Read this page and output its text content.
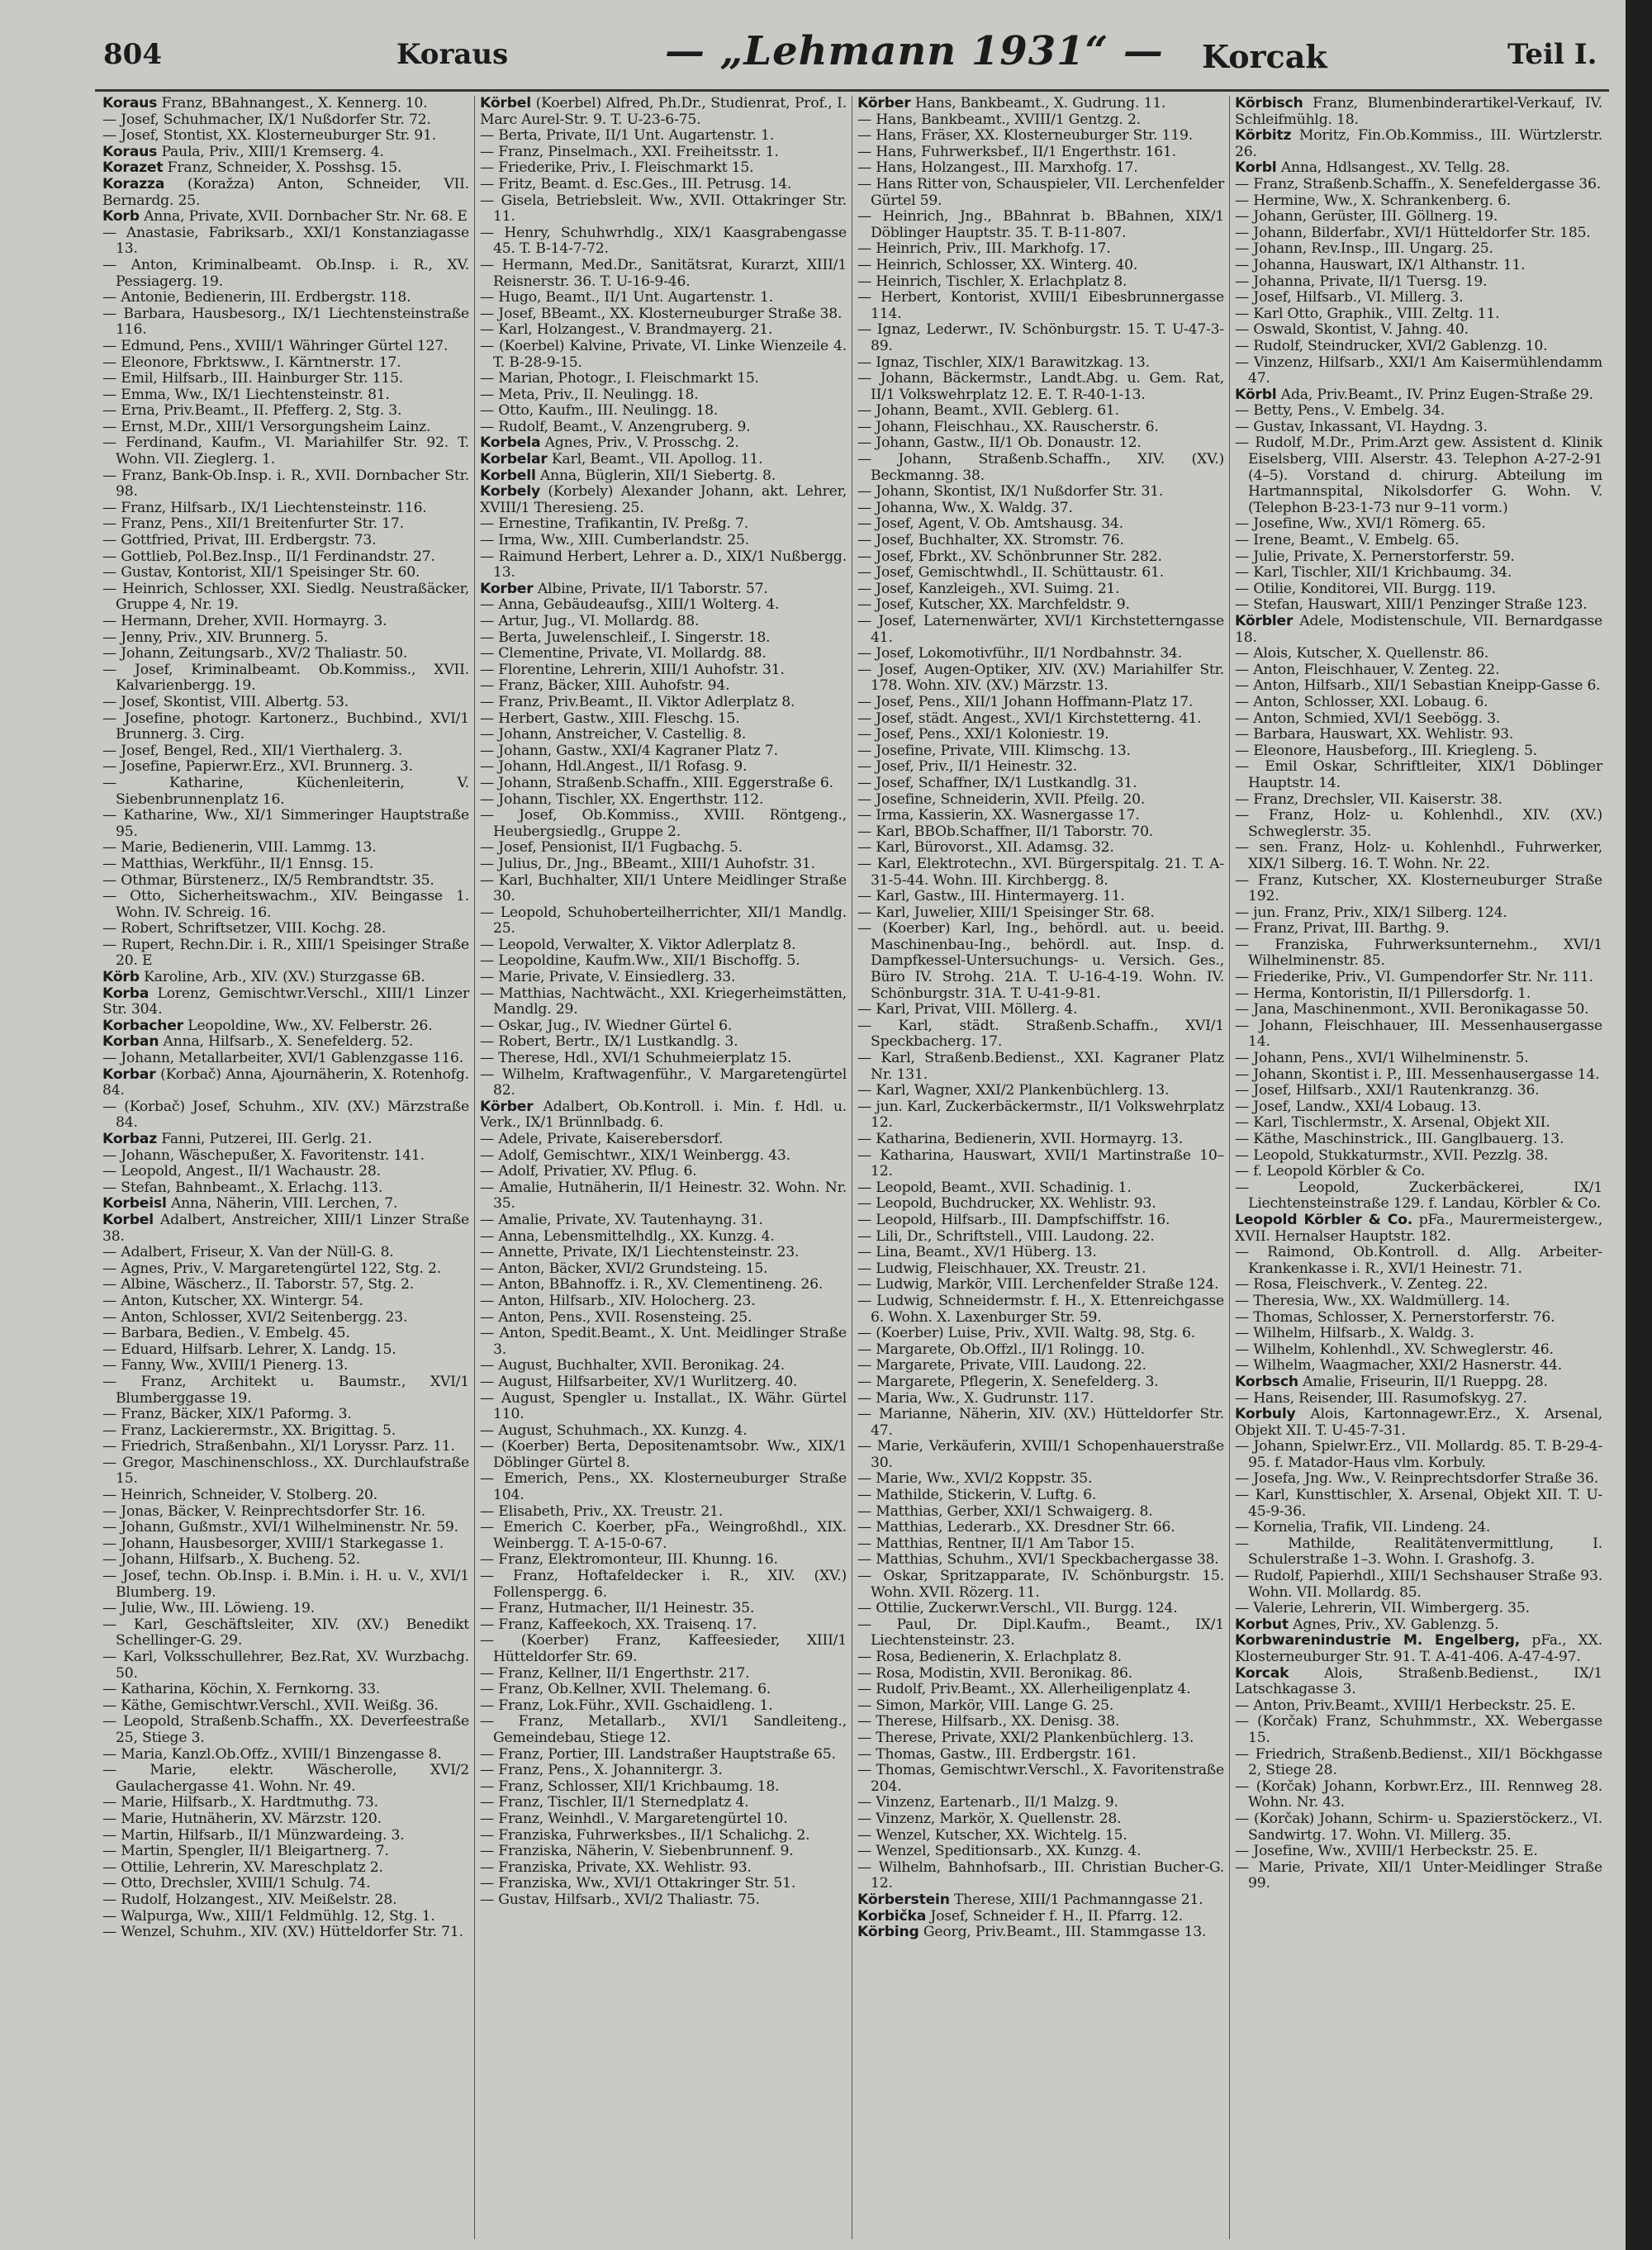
804	Koraus	— „Lehmann 1931“ — Korcak	Teil I.

Koraus Franz, BBahnangest., X. Kennerg. 10.

— Josef, Schuhmacher, IX/1 Nußdorfer Str. 72.

— Josef, Stontist, XX. Klosterneuburger Str. 91.

Koraus Paula, Priv., XIII/1 Kremserg. 4.

Korazet Franz, Schneider, X. Posshsg. 15.

Korazza (Koražza) Anton, Schneider, VII. Bernardg. 25.

Korb Anna, Private, XVII. Dornbacher Str. Nr. 68. E

— Anastasie, Fabriksarb., XXI/1 Konstanziagasse 13.

— Anton, Kriminalbeamt. Ob.Insp. i. R., XV. Pessiagerg. 19.

— Antonie, Bedienerin, III. Erdbergstr. 118.

— Barbara, Hausbesorg., IX/1 Liechtensteinstraße 116.

— Edmund, Pens., XVIII/1 Währinger Gürtel 127.

— Eleonore, Fbrktsww., I. Kärntnerstr. 17.

— Emil, Hilfsarb., III. Hainburger Str. 115.

— Emma, Ww., IX/1 Liechtensteinstr. 81.

— Erna, Priv.Beamt., II. Pfefferg. 2, Stg. 3.

— Ernst, M.Dr., XIII/1 Versorgungsheim Lainz.

— Ferdinand, Kaufm., VI. Mariahilfer Str. 92. T. Wohn. VII. Zieglerg. 1.

— Franz, Bank-Ob.Insp. i. R., XVII. Dornbacher Str. 98.

— Franz, Hilfsarb., IX/1 Liechtensteinstr. 116.

— Franz, Pens., XII/1 Breitenfurter Str. 17.

— Gottfried, Privat, III. Erdbergstr. 73.

— Gottlieb, Pol.Bez.Insp., II/1 Ferdinandstr. 27.

— Gustav, Kontorist, XII/1 Speisinger Str. 60.

— Heinrich, Schlosser, XXI. Siedlg. Neustraßäcker, Gruppe 4, Nr. 19.

— Hermann, Dreher, XVII. Hormayrg. 3.

— Jenny, Priv., XIV. Brunnerg. 5.

— Johann, Zeitungsarb., XV/2 Thaliastr. 50.

— Josef, Kriminalbeamt. Ob.Kommiss., XVII. Kalvarienbergg. 19.

— Josef, Skontist, VIII. Albertg. 53.

— Josefine, photogr. Kartonerz., Buchbind., XVI/1 Brunnerg. 3. Cirg.

— Josef, Bengel, Red., XII/1 Vierthalerg. 3.

— Josefine, Papierwr.Erz., XVI. Brunnerg. 3.

— Katharine, Küchenleiterin, V. Siebenbrunnenplatz 16.

— Katharine, Ww., XI/1 Simmeringer Hauptstraße 95.

— Marie, Bedienerin, VIII. Lammg. 13.

— Matthias, Werkführ., II/1 Ennsg. 15.

— Othmar, Bürstenerz., IX/5 Rembrandtstr. 35.

— Otto, Sicherheitswachm., XIV. Beingasse 1. Wohn. IV. Schreig. 16.

— Robert, Schriftsetzer, VIII. Kochg. 28.

— Rupert, Rechn.Dir. i. R., XIII/1 Speisinger Straße 20. E

Körb Karoline, Arb., XIV. (XV.) Sturzgasse 6B.

Korba Lorenz, Gemischtwr.Verschl., XIII/1 Linzer Str. 304.

Korbacher Leopoldine, Ww., XV. Felberstr. 26.

Korban Anna, Hilfsarb., X. Senefelderg. 52.

— Johann, Metallarbeiter, XVI/1 Gablenzgasse 116.

Korbar (Korbač) Anna, Ajournäherin, X. Rotenhofg. 84.

— (Korbač) Josef, Schuhm., XIV. (XV.) Märzstraße 84.

Korbaz Fanni, Putzerei, III. Gerlg. 21.

— Johann, Wäschepußer, X. Favoritenstr. 141.

— Leopold, Angest., II/1 Wachaustr. 28.

— Stefan, Bahnbeamt., X. Erlachg. 113.

Korbeisl Anna, Näherin, VIII. Lerchen, 7.

Korbel Adalbert, Anstreicher, XIII/1 Linzer Straße 38.

— Adalbert, Friseur, X. Van der Nüll-G. 8.

— Agnes, Priv., V. Margaretengürtel 122, Stg. 2.

— Albine, Wäscherz., II. Taborstr. 57, Stg. 2.

— Anton, Kutscher, XX. Wintergr. 54.

— Anton, Schlosser, XVI/2 Seitenbergg. 23.

— Barbara, Bedien., V. Embelg. 45.

— Eduard, Hilfsarb. Lehrer, X. Landg. 15.

— Fanny, Ww., XVIII/1 Pienerg. 13.

— Franz, Architekt u. Baumstr., XVI/1 Blumberggasse 19.

— Franz, Bäcker, XIX/1 Paformg. 3.

— Franz, Lackierermstr., XX. Brigittag. 5.

— Friedrich, Straßenbahn., XI/1 Loryssr. Parz. 11.

— Gregor, Maschinenschloss., XX. Durchlaufstraße 15.

— Heinrich, Schneider, V. Stolberg. 20.

— Jonas, Bäcker, V. Reinprechtsdorfer Str. 16.

— Johann, Gußmstr., XVI/1 Wilhelminenstr. Nr. 59.

— Johann, Hausbesorger, XVIII/1 Starkegasse 1.

— Johann, Hilfsarb., X. Bucheng. 52.

— Josef, techn. Ob.Insp. i. B.Min. i. H. u. V., XVI/1 Blumberg. 19.

— Julie, Ww., III. Löwieng. 19.

— Karl, Geschäftsleiter, XIV. (XV.) Benedikt Schellinger-G. 29.

— Karl, Volksschullehrer, Bez.Rat, XV. Wurzbachg. 50.

— Katharina, Köchin, X. Fernkorng. 33.

— Käthe, Gemischtwr.Verschl., XVII. Weißg. 36.

— Leopold, Straßenb.Schaffn., XX. Deverfeestraße 25, Stiege 3.

— Maria, Kanzl.Ob.Offz., XVIII/1 Binzengasse 8.

— Marie, elektr. Wäscherolle, XVI/2 Gaulachergasse 41. Wohn. Nr. 49.

— Marie, Hilfsarb., X. Hardtmuthg. 73.

— Marie, Hutnäherin, XV. Märzstr. 120.

— Martin, Hilfsarb., II/1 Münzwardeing. 3.

— Martin, Spengler, II/1 Bleigartnerg. 7.

— Ottilie, Lehrerin, XV. Mareschplatz 2.

— Otto, Drechsler, XVIII/1 Schulg. 74.

— Rudolf, Holzangest., XIV. Meißelstr. 28.

— Walpurga, Ww., XIII/1 Feldmühlg. 12, Stg. 1.

— Wenzel, Schuhm., XIV. (XV.) Hütteldorfer Str. 71.

Körbel (Koerbel) Alfred, Ph.Dr., Studienrat, Prof., I. Marc Aurel-Str. 9. T. U-23-6-75.

— Berta, Private, II/1 Unt. Augartenstr. 1.

— Franz, Pinselmach., XXI. Freiheitsstr. 1.

— Friederike, Priv., I. Fleischmarkt 15.

— Fritz, Beamt. d. Esc.Ges., III. Petrusg. 14.

— Gisela, Betriebsleit. Ww., XVII. Ottakringer Str. 11.

— Henry, Schuhwrhdlg., XIX/1 Kaasgrabengasse 45. T. B-14-7-72.

— Hermann, Med.Dr., Sanitätsrat, Kurarzt, XIII/1 Reisnerstr. 36. T. U-16-9-46.

— Hugo, Beamt., II/1 Unt. Augartenstr. 1.

— Josef, BBeamt., XX. Klosterneuburger Straße 38.

— Karl, Holzangest., V. Brandmayerg. 21.

— (Koerbel) Kalvine, Private, VI. Linke Wienzeile 4. T. B-28-9-15.

— Marian, Photogr., I. Fleischmarkt 15.

— Meta, Priv., II. Neulingg. 18.

— Otto, Kaufm., III. Neulingg. 18.

— Rudolf, Beamt., V. Anzengruberg. 9.

Korbela Agnes, Priv., V. Prosschg. 2.

Korbelar Karl, Beamt., VII. Apollog. 11.

Korbell Anna, Büglerin, XII/1 Siebertg. 8.

Korbely (Korbely) Alexander Johann, akt. Lehrer, XVIII/1 Theresieng. 25.

— Ernestine, Trafikantin, IV. Preßg. 7.

— Irma, Ww., XIII. Cumberlandstr. 25.

— Raimund Herbert, Lehrer a. D., XIX/1 Nußbergg. 13.

Korber Albine, Private, II/1 Taborstr. 57.

— Anna, Gebäudeaufsg., XIII/1 Wolterg. 4.

— Artur, Jug., VI. Mollardg. 88.

— Berta, Juwelenschleif., I. Singerstr. 18.

— Clementine, Private, VI. Mollardg. 88.

— Florentine, Lehrerin, XIII/1 Auhofstr. 31.

— Franz, Bäcker, XIII. Auhofstr. 94.

— Franz, Priv.Beamt., II. Viktor Adlerplatz 8.

— Herbert, Gastw., XIII. Fleschg. 15.

— Johann, Anstreicher, V. Castellig. 8.

— Johann, Gastw., XXI/4 Kagraner Platz 7.

— Johann, Hdl.Angest., II/1 Rofasg. 9.

— Johann, Straßenb.Schaffn., XIII. Eggerstraße 6.

— Johann, Tischler, XX. Engerthstr. 112.

— Josef, Ob.Kommiss., XVIII. Röntgeng., Heubergsiedlg., Gruppe 2.

— Josef, Pensionist, II/1 Fugbachg. 5.

— Julius, Dr., Jng., BBeamt., XIII/1 Auhofstr. 31.

— Karl, Buchhalter, XII/1 Untere Meidlinger Straße 30.

— Leopold, Schuhoberteilherrichter, XII/1 Mandlg. 25.

— Leopold, Verwalter, X. Viktor Adlerplatz 8.

— Leopoldine, Kaufm.Ww., XII/1 Bischoffg. 5.

— Marie, Private, V. Einsiedlerg. 33.

— Matthias, Nachtwächt., XXI. Kriegerheimstätten, Mandlg. 29.

— Oskar, Jug., IV. Wiedner Gürtel 6.

— Robert, Bertr., IX/1 Lustkandlg. 3.

— Therese, Hdl., XVI/1 Schuhmeierplatz 15.

— Wilhelm, Kraftwagenführ., V. Margaretengürtel 82.

Körber Adalbert, Ob.Kontroll. i. Min. f. Hdl. u. Verk., IX/1 Brünnlbadg. 6.

— Adele, Private, Kaiserebersdorf.

— Adolf, Gemischtwr., XIX/1 Weinbergg. 43.

— Adolf, Privatier, XV. Pflug. 6.

— Amalie, Hutnäherin, II/1 Heinestr. 32. Wohn. Nr. 35.

— Amalie, Private, XV. Tautenhayng. 31.

— Anna, Lebensmittelhdlg., XX. Kunzg. 4.

— Annette, Private, IX/1 Liechtensteinstr. 23.

— Anton, Bäcker, XVI/2 Grundsteing. 15.

— Anton, BBahnoffz. i. R., XV. Clementineng. 26.

— Anton, Hilfsarb., XIV. Holocherg. 23.

— Anton, Pens., XVII. Rosensteing. 25.

— Anton, Spedit.Beamt., X. Unt. Meidlinger Straße 3.

— August, Buchhalter, XVII. Beronikag. 24.

— August, Hilfsarbeiter, XV/1 Wurlitzerg. 40.

— August, Spengler u. Installat., IX. Währ. Gürtel 110.

— August, Schuhmach., XX. Kunzg. 4.

— (Koerber) Berta, Depositenamtsobr. Ww., XIX/1 Döblinger Gürtel 8.

— Emerich, Pens., XX. Klosterneuburger Straße 104.

— Elisabeth, Priv., XX. Treustr. 21.

— Emerich C. Koerber, pFa., Weingroßhdl., XIX. Weinbergg. T. A-15-0-67.

— Franz, Elektromonteur, III. Khunng. 16.

— Franz, Hoftafeldecker i. R., XIV. (XV.) Follenspergg. 6.

— Franz, Hutmacher, II/1 Heinestr. 35.

— Franz, Kaffeekoch, XX. Traisenq. 17.

— (Koerber) Franz, Kaffeesieder, XIII/1 Hütteldorfer Str. 69.

— Franz, Kellner, II/1 Engerthstr. 217.

— Franz, Ob.Kellner, XVII. Thelemang. 6.

— Franz, Lok.Führ., XVII. Gschaidleng. 1.

— Franz, Metallarb., XVI/1 Sandleiteng., Gemeindebau, Stiege 12.

— Franz, Portier, III. Landstraßer Hauptstraße 65.

— Franz, Pens., X. Johannitergr. 3.

— Franz, Schlosser, XII/1 Krichbaumg. 18.

— Franz, Tischler, II/1 Sternedplatz 4.

— Franz, Weinhdl., V. Margaretengürtel 10.

— Franziska, Fuhrwerksbes., II/1 Schalichg. 2.

— Franziska, Näherin, V. Siebenbrunnenf. 9.

— Franziska, Private, XX. Wehlistr. 93.

— Franziska, Ww., XVI/1 Ottakringer Str. 51.

— Gustav, Hilfsarb., XVI/2 Thaliastr. 75.

Körber Hans, Bankbeamt., X. Gudrung. 11.

— Hans, Bankbeamt., XVIII/1 Gentzg. 2.

— Hans, Fräser, XX. Klosterneuburger Str. 119.

— Hans, Fuhrwerksbef., II/1 Engerthstr. 161.

— Hans, Holzangest., III. Marxhofg. 17.

— Hans Ritter von, Schauspieler, VII. Lerchenfelder Gürtel 59.

— Heinrich, Jng., BBahnrat b. BBahnen, XIX/1 Döblinger Hauptstr. 35. T. B-11-807.

— Heinrich, Priv., III. Markhofg. 17.

— Heinrich, Schlosser, XX. Winterg. 40.

— Heinrich, Tischler, X. Erlachplatz 8.

— Herbert, Kontorist, XVIII/1 Eibesbrunnergasse 114.

— Ignaz, Lederwr., IV. Schönburgstr. 15. T. U-47-3-89.

— Ignaz, Tischler, XIX/1 Barawitzkag. 13.

— Johann, Bäckermstr., Landt.Abg. u. Gem. Rat, II/1 Volkswehrplatz 12. E. T. R-40-1-13.

— Johann, Beamt., XVII. Geblerg. 61.

— Johann, Fleischhau., XX. Rauscherstr. 6.

— Johann, Gastw., II/1 Ob. Donaustr. 12.

— Johann, Straßenb.Schaffn., XIV. (XV.) Beckmanng. 38.

— Johann, Skontist, IX/1 Nußdorfer Str. 31.

— Johanna, Ww., X. Waldg. 37.

— Josef, Agent, V. Ob. Amtshausg. 34.

— Josef, Buchhalter, XX. Stromstr. 76.

— Josef, Fbrkt., XV. Schönbrunner Str. 282.

— Josef, Gemischtwhdl., II. Schüttaustr. 61.

— Josef, Kanzleigeh., XVI. Suimg. 21.

— Josef, Kutscher, XX. Marchfeldstr. 9.

— Josef, Laternenwärter, XVI/1 Kirchstetterngasse 41.

— Josef, Lokomotivführ., II/1 Nordbahnstr. 34.

— Josef, Augen-Optiker, XIV. (XV.) Mariahilfer Str. 178. Wohn. XIV. (XV.) Märzstr. 13.

— Josef, Pens., XII/1 Johann Hoffmann-Platz 17.

— Josef, städt. Angest., XVI/1 Kirchstetterng. 41.

— Josef, Pens., XXI/1 Koloniestr. 19.

— Josefine, Private, VIII. Klimschg. 13.

— Josef, Priv., II/1 Heinestr. 32.

— Josef, Schaffner, IX/1 Lustkandlg. 31.

— Josefine, Schneiderin, XVII. Pfeilg. 20.

— Irma, Kassierin, XX. Wasnergasse 17.

— Karl, BBOb.Schaffner, II/1 Taborstr. 70.

— Karl, Bürovorst., XII. Adamsg. 32.

— Karl, Elektrotechn., XVI. Bürgerspitalg. 21. T. A-31-5-44. Wohn. III. Kirchbergg. 8.

— Karl, Gastw., III. Hintermayerg. 11.

— Karl, Juwelier, XIII/1 Speisinger Str. 68.

— (Koerber) Karl, Ing., behördl. aut. u. beeid. Maschinenbau-Ing., behördl. aut. Insp. d. Dampfkessel-Untersuchungs- u. Versich. Ges., Büro IV. Strohg. 21A. T. U-16-4-19. Wohn. IV. Schönburgstr. 31A. T. U-41-9-81.

— Karl, Privat, VIII. Möllerg. 4.

— Karl, städt. Straßenb.Schaffn., XVI/1 Speckbacherg. 17.

— Karl, Straßenb.Bedienst., XXI. Kagraner Platz Nr. 131.

— Karl, Wagner, XXI/2 Plankenbüchlerg. 13.

— jun. Karl, Zuckerbäckermstr., II/1 Volkswehrplatz 12.

— Katharina, Bedienerin, XVII. Hormayrg. 13.

— Katharina, Hauswart, XVII/1 Martinstraße 10–12.

— Leopold, Beamt., XVII. Schadinig. 1.

— Leopold, Buchdrucker, XX. Wehlistr. 93.

— Leopold, Hilfsarb., III. Dampfschiffstr. 16.

— Lili, Dr., Schriftstell., VIII. Laudong. 22.

— Lina, Beamt., XV/1 Hüberg. 13.

— Ludwig, Fleischhauer, XX. Treustr. 21.

— Ludwig, Markör, VIII. Lerchenfelder Straße 124.

— Ludwig, Schneidermstr. f. H., X. Ettenreichgasse 6. Wohn. X. Laxenburger Str. 59.

— (Koerber) Luise, Priv., XVII. Waltg. 98, Stg. 6.

— Margarete, Ob.Offzl., II/1 Rolingg. 10.

— Margarete, Private, VIII. Laudong. 22.

— Margarete, Pflegerin, X. Senefelderg. 3.

— Maria, Ww., X. Gudrunstr. 117.

— Marianne, Näherin, XIV. (XV.) Hütteldorfer Str. 47.

— Marie, Verkäuferin, XVIII/1 Schopenhauerstraße 30.

— Marie, Ww., XVI/2 Koppstr. 35.

— Mathilde, Stickerin, V. Luftg. 6.

— Matthias, Gerber, XXI/1 Schwaigerg. 8.

— Matthias, Lederarb., XX. Dresdner Str. 66.

— Matthias, Rentner, II/1 Am Tabor 15.

— Matthias, Schuhm., XVI/1 Speckbachergasse 38.

— Oskar, Spritzapparate, IV. Schönburgstr. 15. Wohn. XVII. Rözerg. 11.

— Ottilie, Zuckerwr.Verschl., VII. Burgg. 124.

— Paul, Dr. Dipl.Kaufm., Beamt., IX/1 Liechtensteinstr. 23.

— Rosa, Bedienerin, X. Erlachplatz 8.

— Rosa, Modistin, XVII. Beronikag. 86.

— Rudolf, Priv.Beamt., XX. Allerheiligenplatz 4.

— Simon, Markör, VIII. Lange G. 25.

— Therese, Hilfsarb., XX. Denisg. 38.

— Therese, Private, XXI/2 Plankenbüchlerg. 13.

— Thomas, Gastw., III. Erdbergstr. 161.

— Thomas, Gemischtwr.Verschl., X. Favoritenstraße 204.

— Vinzenz, Eartenarb., II/1 Malzg. 9.

— Vinzenz, Markör, X. Quellenstr. 28.

— Wenzel, Kutscher, XX. Wichtelg. 15.

— Wenzel, Speditionsarb., XX. Kunzg. 4.

— Wilhelm, Bahnhofsarb., III. Christian Bucher-G. 12.

Körberstein Therese, XIII/1 Pachmanngasse 21.

Korbička Josef, Schneider f. H., II. Pfarrg. 12.

Körbing Georg, Priv.Beamt., III. Stammgasse 13.

Körbisch Franz, Blumenbinderartikel-Verkauf, IV. Schleifmühlg. 18.

Körbitz Moritz, Fin.Ob.Kommiss., III. Würtzlerstr. 26.

Korbl Anna, Hdlsangest., XV. Tellg. 28.

— Franz, Straßenb.Schaffn., X. Senefeldergasse 36.

— Hermine, Ww., X. Schrankenberg. 6.

— Johann, Gerüster, III. Göllnerg. 19.

— Johann, Bilderfabr., XVI/1 Hütteldorfer Str. 185.

— Johann, Rev.Insp., III. Ungarg. 25.

— Johanna, Hauswart, IX/1 Althanstr. 11.

— Johanna, Private, II/1 Tuersg. 19.

— Josef, Hilfsarb., VI. Millerg. 3.

— Karl Otto, Graphik., VIII. Zeltg. 11.

— Oswald, Skontist, V. Jahng. 40.

— Rudolf, Steindrucker, XVI/2 Gablenzg. 10.

— Vinzenz, Hilfsarb., XXI/1 Am Kaisermühlendamm 47.

Körbl Ada, Priv.Beamt., IV. Prinz Eugen-Straße 29.

— Betty, Pens., V. Embelg. 34.

— Gustav, Inkassant, VI. Haydng. 3.

— Rudolf, M.Dr., Prim.Arzt gew. Assistent d. Klinik Eiselsberg, VIII. Alserstr. 43. Telephon A-27-2-91 (4–5). Vorstand d. chirurg. Abteilung im Hartmannspital, Nikolsdorfer G. Wohn. V. (Telephon B-23-1-73 nur 9–11 vorm.)

— Josefine, Ww., XVI/1 Römerg. 65.

— Irene, Beamt., V. Embelg. 65.

— Julie, Private, X. Pernerstorferstr. 59.

— Karl, Tischler, XII/1 Krichbaumg. 34.

— Otilie, Konditorei, VII. Burgg. 119.

— Stefan, Hauswart, XIII/1 Penzinger Straße 123.

Körbler Adele, Modistenschule, VII. Bernardgasse 18.

— Alois, Kutscher, X. Quellenstr. 86.

— Anton, Fleischhauer, V. Zenteg. 22.

— Anton, Hilfsarb., XII/1 Sebastian Kneipp-Gasse 6.

— Anton, Schlosser, XXI. Lobaug. 6.

— Anton, Schmied, XVI/1 Seebögg. 3.

— Barbara, Hauswart, XX. Wehlistr. 93.

— Eleonore, Hausbeforg., III. Kriegleng. 5.

— Emil Oskar, Schriftleiter, XIX/1 Döblinger Hauptstr. 14.

— Franz, Drechsler, VII. Kaiserstr. 38.

— Franz, Holz- u. Kohlenhdl., XIV. (XV.) Schweglerstr. 35.

— sen. Franz, Holz- u. Kohlenhdl., Fuhrwerker, XIX/1 Silberg. 16. T. Wohn. Nr. 22.

— Franz, Kutscher, XX. Klosterneuburger Straße 192.

— jun. Franz, Priv., XIX/1 Silberg. 124.

— Franz, Privat, III. Barthg. 9.

— Franziska, Fuhrwerksunternehm., XVI/1 Wilhelminenstr. 85.

— Friederike, Priv., VI. Gumpendorfer Str. Nr. 111.

— Herma, Kontoristin, II/1 Pillersdorfg. 1.

— Jana, Maschinenmont., XVII. Beronikagasse 50.

— Johann, Fleischhauer, III. Messenhausergasse 14.

— Johann, Pens., XVI/1 Wilhelminenstr. 5.

— Johann, Skontist i. P., III. Messenhausergasse 14.

— Josef, Hilfsarb., XXI/1 Rautenkranzg. 36.

— Josef, Landw., XXI/4 Lobaug. 13.

— Karl, Tischlermstr., X. Arsenal, Objekt XII.

— Käthe, Maschinstrick., III. Ganglbauerg. 13.

— Leopold, Stukkaturmstr., XVII. Pezzlg. 38.

— f. Leopold Körbler & Co.

— Leopold, Zuckerbäckerei, IX/1 Liechtensteinstraße 129. f. Landau, Körbler & Co.

Leopold Körbler & Co. pFa., Maurermeistergew., XVII. Hernalser Hauptstr. 182.

— Raimond, Ob.Kontroll. d. Allg. Arbeiter-Krankenkasse i. R., XVI/1 Heinestr. 71.

— Rosa, Fleischverk., V. Zenteg. 22.

— Theresia, Ww., XX. Waldmüllerg. 14.

— Thomas, Schlosser, X. Pernerstorferstr. 76.

— Wilhelm, Hilfsarb., X. Waldg. 3.

— Wilhelm, Kohlenhdl., XV. Schweglerstr. 46.

— Wilhelm, Waagmacher, XXI/2 Hasnerstr. 44.

Korbsch Amalie, Friseurin, II/1 Rueppg. 28.

— Hans, Reisender, III. Rasumofskyg. 27.

Korbuly Alois, Kartonnagewr.Erz., X. Arsenal, Objekt XII. T. U-45-7-31.

— Johann, Spielwr.Erz., VII. Mollardg. 85. T. B-29-4-95. f. Matador-Haus vlm. Korbuly.

— Josefa, Jng. Ww., V. Reinprechtsdorfer Straße 36.

— Karl, Kunsttischler, X. Arsenal, Objekt XII. T. U-45-9-36.

— Kornelia, Trafik, VII. Lindeng. 24.

— Mathilde, Realitätenvermittlung, I. Schulerstraße 1–3. Wohn. I. Grashofg. 3.

— Rudolf, Papierhdl., XIII/1 Sechshauser Straße 93. Wohn. VII. Mollardg. 85.

— Valerie, Lehrerin, VII. Wimbergerg. 35.

Korbut Agnes, Priv., XV. Gablenzg. 5.

Korbwarenindustrie M. Engelberg, pFa., XX. Klosterneuburger Str. 91. T. A-41-406. A-47-4-97.

Korcak Alois, Straßenb.Bedienst., IX/1 Latschkagasse 3.

— Anton, Priv.Beamt., XVIII/1 Herbeckstr. 25. E.

— (Korčak) Franz, Schuhmmstr., XX. Webergasse 15.

— Friedrich, Straßenb.Bedienst., XII/1 Böckhgasse 2, Stiege 28.

— (Korčak) Johann, Korbwr.Erz., III. Rennweg 28. Wohn. Nr. 43.

— (Korčak) Johann, Schirm- u. Spazierstöckerz., VI. Sandwirtg. 17. Wohn. VI. Millerg. 35.

— Josefine, Ww., XVIII/1 Herbeckstr. 25. E.

— Marie, Private, XII/1 Unter-Meidlinger Straße 99.
